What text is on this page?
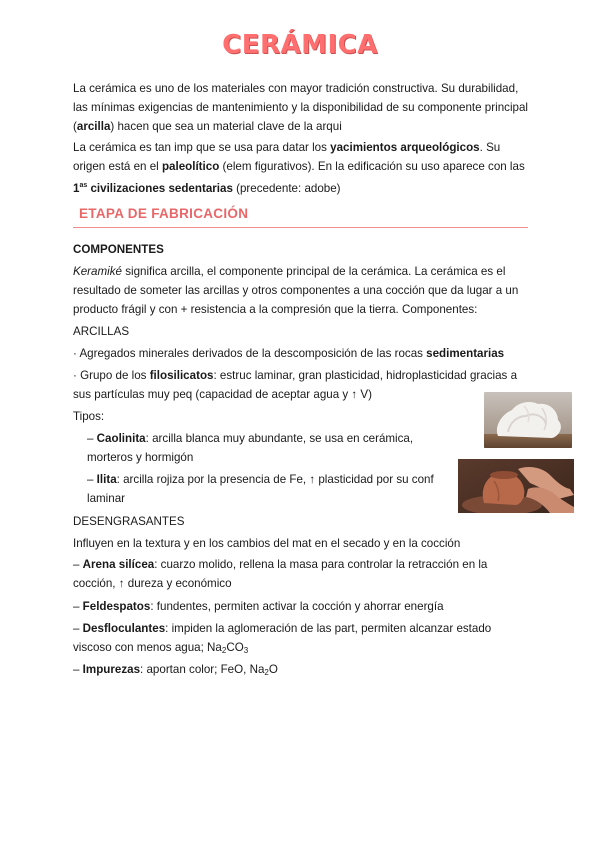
CERÁMICA

La cerámica es uno de los materiales con mayor tradición constructiva. Su durabilidad, las mínimas exigencias de mantenimiento y la disponibilidad de su componente principal (arcilla) hacen que sea un material clave de la arqui

La cerámica es tan imp que se usa para datar los yacimientos arqueológicos. Su origen está en el paleolítico (elem figurativos). En la edificación su uso aparece con las $1^{as}$ civilizaciones sedentarias (precedente: adobe)

ETAPA DE FABRICACIÓN

COMPONENTES

Keramiké significa arcilla, el componente principal de la cerámica. La cerámica es el resultado de someter las arcillas y otros componentes a una cocción que da lugar a un producto frágil y con + resistencia a la compresión que la tierra. Componentes:

ARCILLAS

· Agregados minerales derivados de la descomposición de las rocas sedimentarias

· Grupo de los filosilicatos: estruc laminar, gran plasticidad, hidroplasticidad gracias a sus partículas muy peq (capacidad de aceptar agua y ↑ V)

Tipos:

– Caolinita: arcilla blanca muy abundante, se usa en cerámica, morteros y hormigón

– Ilita: arcilla rojiza por la presencia de Fe, ↑ plasticidad por su conf laminar

DESENGRASANTES

Influyen en la textura y en los cambios del mat en el secado y en la cocción

– Arena silícea: cuarzo molido, rellena la masa para controlar la retracción en la cocción, ↑ dureza y económico

– Feldespatos: fundentes, permiten activar la cocción y ahorrar energía

– Desfloculantes: impiden la aglomeración de las part, permiten alcanzar estado viscoso con menos agua; $Na_2CO_3$

– Impurezas: aportan color; FeO, $Na_2O$
